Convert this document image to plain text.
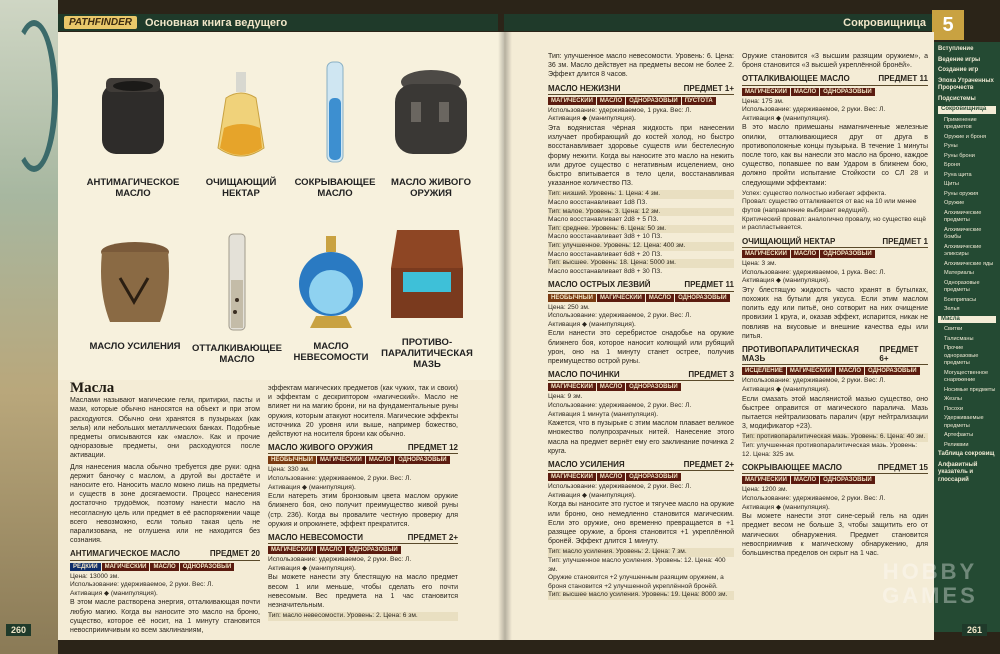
PATHFINDER	Основная книга ведущего	Сокровищница 5
АНТИМАГИЧЕСКОЕ МАСЛО
ОЧИЩАЮЩИЙ НЕКТАР
СОКРЫВАЮЩЕЕ МАСЛО
МАСЛО ЖИВОГО ОРУЖИЯ
МАСЛО УСИЛЕНИЯ	ОТТАЛКИВАЮЩЕЕ МАСЛО
МАСЛО НЕВЕСОМОСТИ
ПРОТИВО-ПАРАЛИТИЧЕСКАЯ МАЗЬ
Масла

Маслами называют магические гели, притирки, пасты и мази, которые обычно наносятся на объект и при этом расходуются. Обычно они хранятся в пузырьках (как зелья) или небольших металлических банках. Подобные предметы описываются как «масло». Как и прочие одноразовые предметы, они расходуются после активации.

Для нанесения масла обычно требуется две руки: одна держит баночку с маслом, а другой вы достаёте и наносите его. Наносить масло можно лишь на предметы и существ в зоне досягаемости. Процесс нанесения достаточно трудоёмок, поэтому нанести масло на несогласную цель или предмет в её распоряжении чаще всего невозможно, если только такая цель не парализована, не оглушена или не находится без сознания.

АНТИМАГИЧЕСКОЕ МАСЛО	ПРЕДМЕТ 20
РЕДКИЙ	МАГИЧЕСКИЙ	МАСЛО	ОДНОРАЗОВЫЙ
Цена: 13000 зм.
Использование: удерживаемое, 2 руки. Вес: Л.
Активация ◆ (манипуляция).

В этом масле растворена энергия, отталкивающая почти любую магию. Когда вы наносите это масло на броню, существо, которое её носит, на 1 минуту становится невосприимчивым ко всем заклинаниям,

эффектам магических предметов (как чужих, так и своих) и эффектам с дескриптором «магический». Масло не влияет ни на магию брони, ни на фундаментальные руны оружия, которым атакуют носителя. Магические эффекты источника 20 уровня или выше, например божество, действуют на носителя брони как обычно.

МАСЛО ЖИВОГО ОРУЖИЯ	ПРЕДМЕТ 12
НЕОБЫЧНЫЙ	МАГИЧЕСКИЙ	МАСЛО	ОДНОРАЗОВЫЙ
Цена: 330 зм.
Использование: удерживаемое, 2 руки. Вес: Л.
Активация ◆ (манипуляция).

Если натереть этим бронзовым цвета маслом оружие ближнего боя, оно получит преимущество живой руны (стр. 236). Когда вы провалите честную проверку для оружия и опрокинете, эффект прекратится.

МАСЛО НЕВЕСОМОСТИ	ПРЕДМЕТ 2+
МАГИЧЕСКИЙ	МАСЛО	ОДНОРАЗОВЫЙ
Использование: удерживаемое, 2 руки. Вес: Л.
Активация ◆ (манипуляция).

Вы можете нанести эту блестящую на масло предмет весом 1 или меньше, чтобы сделать его почти невесомым. Вес предмета на 1 час становится незначительным.

Тип: масло невесомости. Уровень: 2. Цена: 6 зм.

Тип: улучшенное масло невесомости. Уровень: 6. Цена: 36 зм. Масло действует на предметы весом не более 2. Эффект длится 8 часов.

МАСЛО НЕЖИЗНИ	ПРЕДМЕТ 1+
МАГИЧЕСКИЙ	МАСЛО	ОДНОРАЗОВЫЙ	ПУСТОТА
Использование: удерживаемое, 1 рука. Вес: Л.
Активация ◆ (манипуляция).

Эта водянистая чёрная жидкость при нанесении излучает пробирающий до костей холод, но быстро восстанавливает здоровье существ или бестелесную форму нежити. Когда вы наносите это масло на нежить или другое существо с негативным исцелением, оно быстро впитывается в тело цели, восстанавливая указанное количество ПЗ.

Тип: низший. Уровень: 1. Цена: 4 зм.
Масло восстанавливает 1d8 ПЗ.
Тип: малое. Уровень: 3. Цена: 12 зм.
Масло восстанавливает 2d8 + 5 ПЗ.
Тип: среднее. Уровень: 6. Цена: 50 зм.
Масло восстанавливает 3d8 + 10 ПЗ.
Тип: улучшенное. Уровень: 12. Цена: 400 зм.
Масло восстанавливает 6d8 + 20 ПЗ.
Тип: высшее. Уровень: 18. Цена: 5000 зм.
Масло восстанавливает 8d8 + 30 ПЗ.
МАСЛО ОСТРЫХ ЛЕЗВИЙ	ПРЕДМЕТ 11
НЕОБЫЧНЫЙ	МАГИЧЕСКИЙ	МАСЛО	ОДНОРАЗОВЫЙ
Цена: 250 зм.
Использование: удерживаемое, 2 руки. Вес: Л.
Активация ◆ (манипуляция).

Если нанести это серебристое снадобье на оружие ближнего боя, которое наносит колющий или рубящий урон, оно на 1 минуту станет острее, получив преимущество острой руны.

МАСЛО ПОЧИНКИ	ПРЕДМЕТ 3
МАГИЧЕСКИЙ	МАСЛО	ОДНОРАЗОВЫЙ
Цена: 9 зм.
Использование: удерживаемое, 2 руки. Вес: Л.
Активация 1 минута (манипуляция).

Кажется, что в пузырьке с этим маслом плавает великое множество полупрозрачных нитей. Нанесение этого масла на предмет вернёт ему его заклинание починка 2 круга.

МАСЛО УСИЛЕНИЯ	ПРЕДМЕТ 2+
МАГИЧЕСКИЙ	МАСЛО	ОДНОРАЗОВЫЙ
Использование: удерживаемое, 2 руки. Вес: Л.
Активация ◆ (манипуляция).

Когда вы наносите это густое и тягучее масло на оружие или броню, оно немедленно становится магическим. Если это оружие, оно временно превращается в +1 разящее оружие, а броня становится +1 укреплённой бронёй. Эффект длится 1 минуту.

Тип: масло усиления. Уровень: 2. Цена: 7 зм.
Тип: улучшенное масло усиления. Уровень: 12. Цена: 400 зм.
Оружие становится +2 улучшенным разящим оружием, а броня становится +2 улучшенной укреплённой бронёй.
Тип: высшее масло усиления. Уровень: 19. Цена: 8000 зм.

Оружие становится «3 высшим разящим оружием», а броня становится «3 высшей укреплённой бронёй».

ОТТАЛКИВАЮЩЕЕ МАСЛО	ПРЕДМЕТ 11
МАГИЧЕСКИЙ	МАСЛО	ОДНОРАЗОВЫЙ
Цена: 175 зм.
Использование: удерживаемое, 2 руки. Вес: Л.
Активация ◆ (манипуляция).

В это масло примешаны намагниченные железные опилки, отталкивающиеся друг от друга в противоположные концы пузырька. В течение 1 минуты после того, как вы нанесли это масло на броню, каждое существо, попавшее по вам Ударом в ближнем бою, должно пройти испытание Стойкости со СЛ 28 и следующими эффектами:

Успех: существо полностью избегает эффекта.
Провал: существо отталкивается от вас на 10 или менее футов (направление выбирает ведущий).
Критический провал: аналогично провалу, но существо ещё и распластывается.
ОЧИЩАЮЩИЙ НЕКТАР	ПРЕДМЕТ 1
МАГИЧЕСКИЙ	МАСЛО	ОДНОРАЗОВЫЙ
Цена: 3 зм.
Использование: удерживаемое, 1 рука. Вес: Л.
Активация ◆ (манипуляция).

Эту блестящую жидкость часто хранят в бутылках, похожих на бутыли для уксуса. Если этим маслом полить еду или питьё, оно сотворит на них очищение провизии 1 круга, и, оказав эффект, испарится, никак не повлияв на вкусовые и внешние качества еды или питья.

ПРОТИВОПАРАЛИТИЧЕСКАЯ МАЗЬ
ПРЕДМЕТ 6+
ИСЦЕЛЕНИЕ	МАГИЧЕСКИЙ	МАСЛО	ОДНОРАЗОВЫЙ
Использование: удерживаемое, 2 руки. Вес: Л.
Активация ◆ (манипуляция).

Если смазать этой маслянистой мазью существо, оно быстрее оправится от магического паралича. Мазь пытается нейтрализовать паралич (круг нейтрализации 3, модификатор +23).

Тип: противопаралитическая мазь. Уровень: 6. Цена: 40 зм.
Тип: улучшенная противопаралитическая мазь. Уровень: 12. Цена: 325 зм.
СОКРЫВАЮЩЕЕ МАСЛО	ПРЕДМЕТ 15
МАГИЧЕСКИЙ	МАСЛО	ОДНОРАЗОВЫЙ
Цена: 1200 зм.
Использование: удерживаемое, 2 руки. Вес: Л.
Активация ◆ (манипуляция).

Вы можете нанести этот сине-серый гель на один предмет весом не больше 3, чтобы защитить его от магических обнаружения. Предмет становится невосприимчив к магическому обнаружению, для большинства пределов он скрыт на 1 час.

Вступление
Ведение игры
Создание игр
Эпоха Утраченных Пророчеств
Подсистемы
Сокровищница
Применение предметов
Оружие и броня
Руны
Руны брони
Броня
Руна щита
Щиты
Руны оружия
Оружие
Алхимические предметы
Алхимические бомбы
Алхимические эликсиры
Алхимические яды
Материалы
Одноразовые предметы
Боеприпасы
Зелья
Масла
Свитки
Талисманы
Прочие одноразовые предметы
Могущественное снаряжение
Носимые предметы
Жезлы
Посохи
Удерживаемые предметы
Артефакты
Реликвии
Таблица сокровищ
Алфавитный указатель и глоссарий
260	261
HOBBY GAMES
